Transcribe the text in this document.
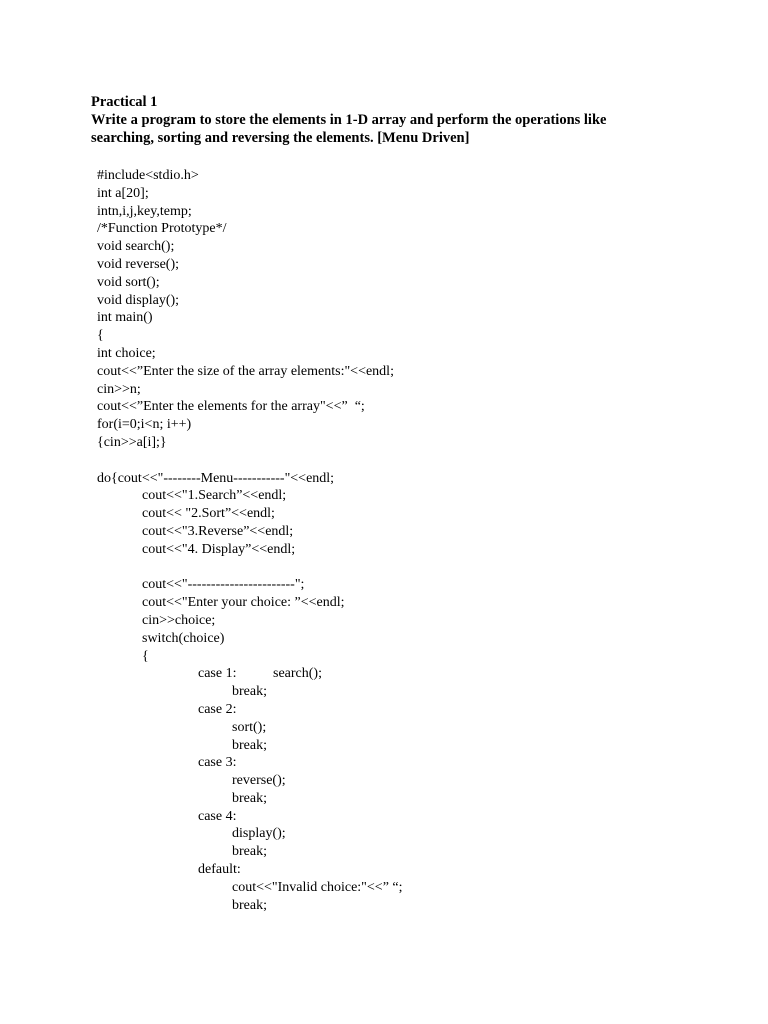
Practical 1
Write a program to store the elements in 1-D array and perform the operations like
searching, sorting and reversing the elements. [Menu Driven]
#include<stdio.h>
int a[20];
intn,i,j,key,temp;
/*Function Prototype*/
void search();
void reverse();
void sort();
void display();
int main()
{
int choice;
cout<<”Enter the size of the array elements:"<<endl;
cin>>n;
cout<<”Enter the elements for the array"<<”  “;
for(i=0;i<n; i++)
{cin>>a[i];}
do{cout<<"--------Menu-----------"<<endl;
cout<<"1.Search”<<endl;
cout<< "2.Sort”<<endl;
cout<<"3.Reverse”<<endl;
cout<<"4. Display”<<endl;
cout<<"-----------------------";
cout<<"Enter your choice: ”<<endl;
cin>>choice;
switch(choice)
{
case 1:	search();
break;
case 2:
sort();
break;
case 3:
reverse();
break;
case 4:
display();
break;
default:
cout<<"Invalid choice:"<<” “;
break;
